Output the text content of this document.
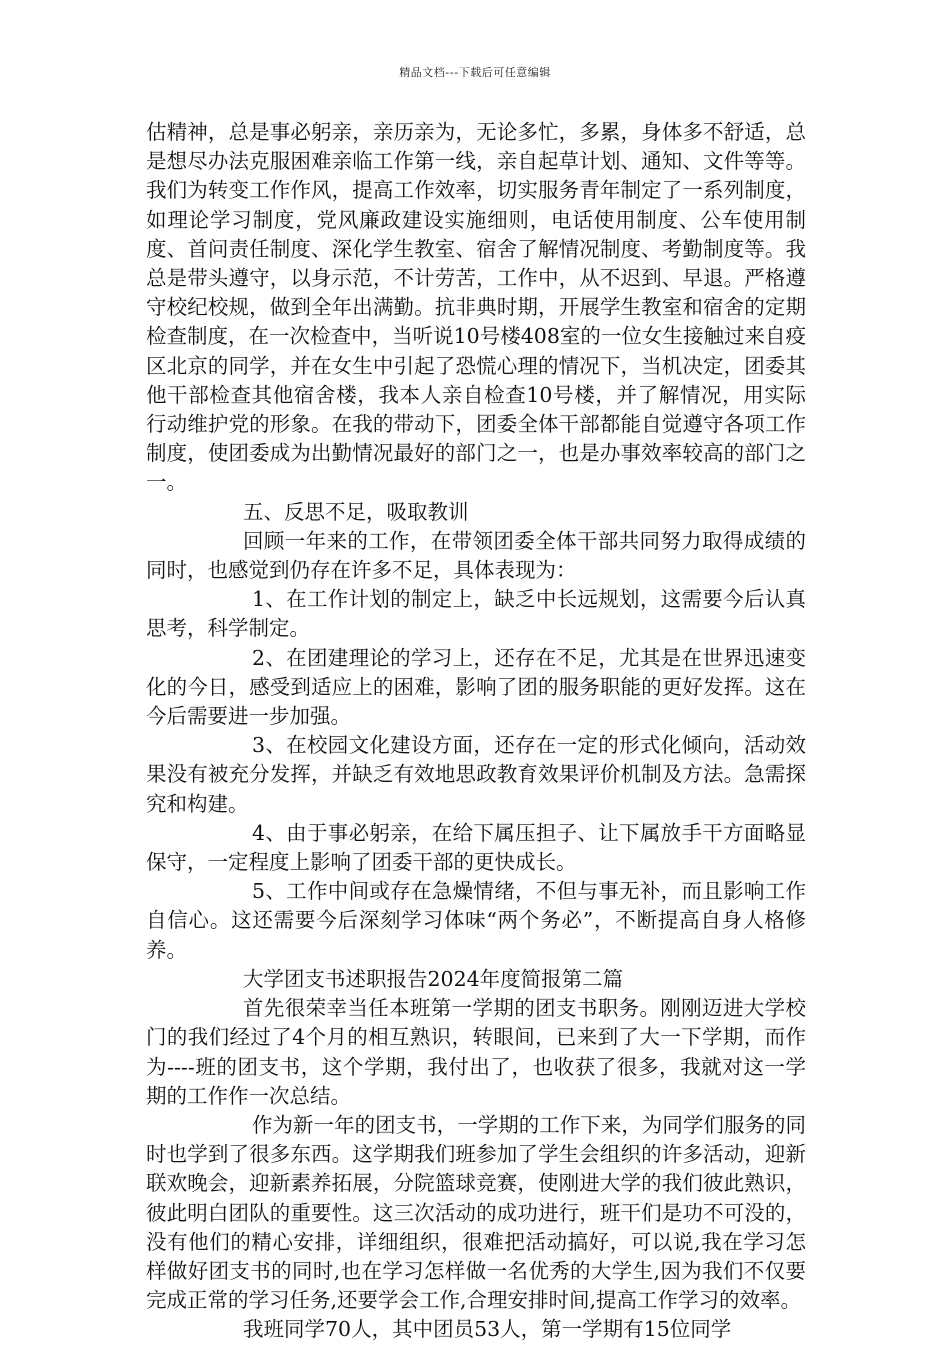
精品文档---下载后可任意编辑

估精神，总是事必躬亲，亲历亲为，无论多忙，多累，身体多不舒适，总是想尽办法克服困难亲临工作第一线，亲自起草计划、通知、文件等等。我们为转变工作作风，提高工作效率，切实服务青年制定了一系列制度，如理论学习制度，党风廉政建设实施细则，电话使用制度、公车使用制度、首问责任制度、深化学生教室、宿舍了解情况制度、考勤制度等。我总是带头遵守，以身示范，不计劳苦，工作中，从不迟到、早退。严格遵守校纪校规，做到全年出满勤。抗非典时期，开展学生教室和宿舍的定期检查制度，在一次检查中，当听说10号楼408室的一位女生接触过来自疫区北京的同学，并在女生中引起了恐慌心理的情况下，当机决定，团委其他干部检查其他宿舍楼，我本人亲自检查10号楼，并了解情况，用实际行动维护党的形象。在我的带动下，团委全体干部都能自觉遵守各项工作制度，使团委成为出勤情况最好的部门之一，也是办事效率较高的部门之一。

五、反思不足，吸取教训

回顾一年来的工作，在带领团委全体干部共同努力取得成绩的同时，也感觉到仍存在许多不足，具体表现为：

1、在工作计划的制定上，缺乏中长远规划，这需要今后认真思考，科学制定。

2、在团建理论的学习上，还存在不足，尤其是在世界迅速变化的今日，感受到适应上的困难，影响了团的服务职能的更好发挥。这在今后需要进一步加强。

3、在校园文化建设方面，还存在一定的形式化倾向，活动效果没有被充分发挥，并缺乏有效地思政教育效果评价机制及方法。急需探究和构建。

4、由于事必躬亲，在给下属压担子、让下属放手干方面略显保守，一定程度上影响了团委干部的更快成长。

5、工作中间或存在急燥情绪，不但与事无补，而且影响工作自信心。这还需要今后深刻学习体味“两个务必”，不断提高自身人格修养。

大学团支书述职报告2024年度简报第二篇

首先很荣幸当任本班第一学期的团支书职务。刚刚迈进大学校门的我们经过了4个月的相互熟识，转眼间，已来到了大一下学期，而作为----班的团支书，这个学期，我付出了，也收获了很多，我就对这一学期的工作作一次总结。

作为新一年的团支书，一学期的工作下来，为同学们服务的同时也学到了很多东西。这学期我们班参加了学生会组织的许多活动，迎新联欢晚会，迎新素养拓展，分院篮球竞赛，使刚进大学的我们彼此熟识，彼此明白团队的重要性。这三次活动的成功进行，班干们是功不可没的，没有他们的精心安排，详细组织，很难把活动搞好，可以说,我在学习怎样做好团支书的同时,也在学习怎样做一名优秀的大学生,因为我们不仅要完成正常的学习任务,还要学会工作,合理安排时间,提高工作学习的效率。

我班同学70人，其中团员53人，第一学期有15位同学
